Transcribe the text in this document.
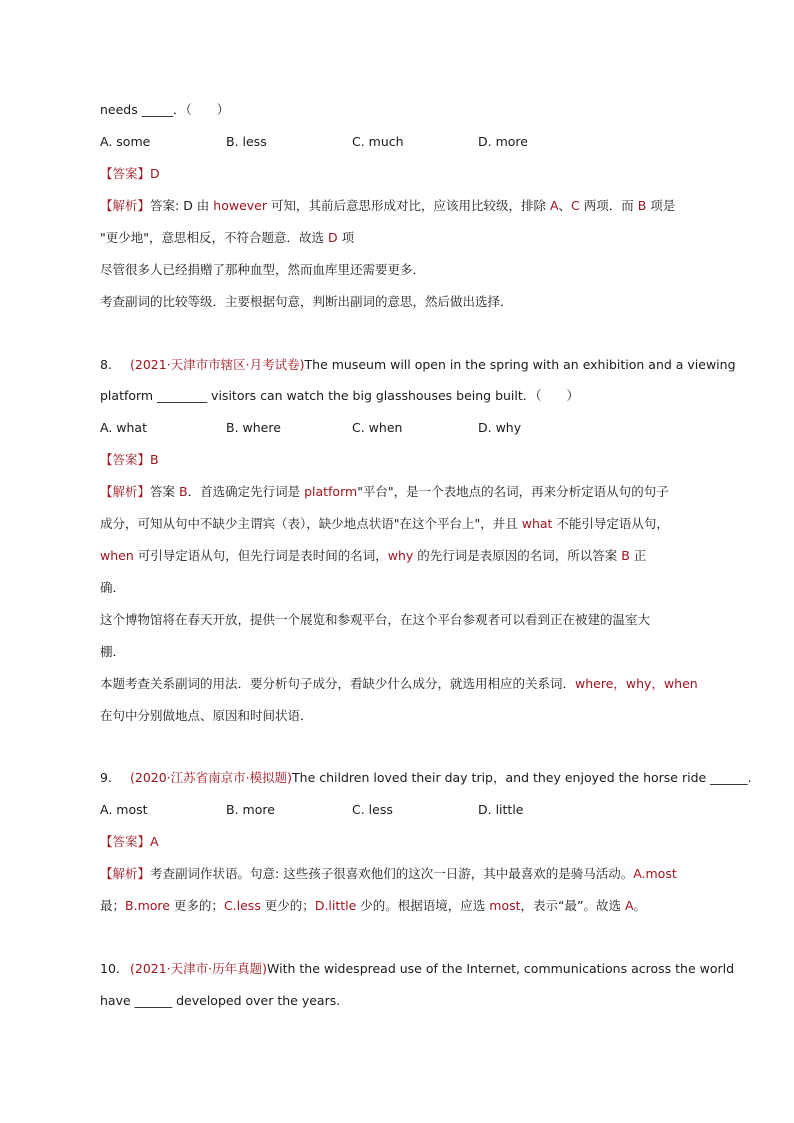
needs _____．（　　）
A. some	B. less	C. much	D. more
【答案】D
【解析】答案: D 由 however 可知，其前后意思形成对比，应该用比较级，排除 A、C 两项．而 B 项是
"更少地"，意思相反，不符合题意．故选 D 项
尽管很多人已经捐赠了那种血型，然而血库里还需要更多．
考查副词的比较等级．主要根据句意，判断出副词的意思，然后做出选择．
8. (2021·天津市市辖区·月考试卷)The museum will open in the spring with an exhibition and a viewing
platform ________ visitors can watch the big glasshouses being built．（　　）
A. what	B. where	C. when	D. why
【答案】B
【解析】答案 B．首选确定先行词是 platform"平台"，是一个表地点的名词，再来分析定语从句的句子
成分，可知从句中不缺少主谓宾（表），缺少地点状语"在这个平台上"，并且 what 不能引导定语从句，
when 可引导定语从句，但先行词是表时间的名词，why 的先行词是表原因的名词，所以答案 B 正
确．
这个博物馆将在春天开放，提供一个展览和参观平台，在这个平台参观者可以看到正在被建的温室大
棚．
本题考查关系副词的用法．要分析句子成分，看缺少什么成分，就选用相应的关系词．where，why，when
在句中分别做地点、原因和时间状语．
9. (2020·江苏省南京市·模拟题)The children loved their day trip，and they enjoyed the horse ride ______.
A. most	B. more	C. less	D. little
【答案】A
【解析】考查副词作状语。句意: 这些孩子很喜欢他们的这次一日游，其中最喜欢的是骑马活动。A.most
最；B.more 更多的；C.less 更少的；D.little 少的。根据语境，应选 most，表示“最”。故选 A。
10. (2021·天津市·历年真题)With the widespread use of the Internet, communications across the world
have ______ developed over the years.
